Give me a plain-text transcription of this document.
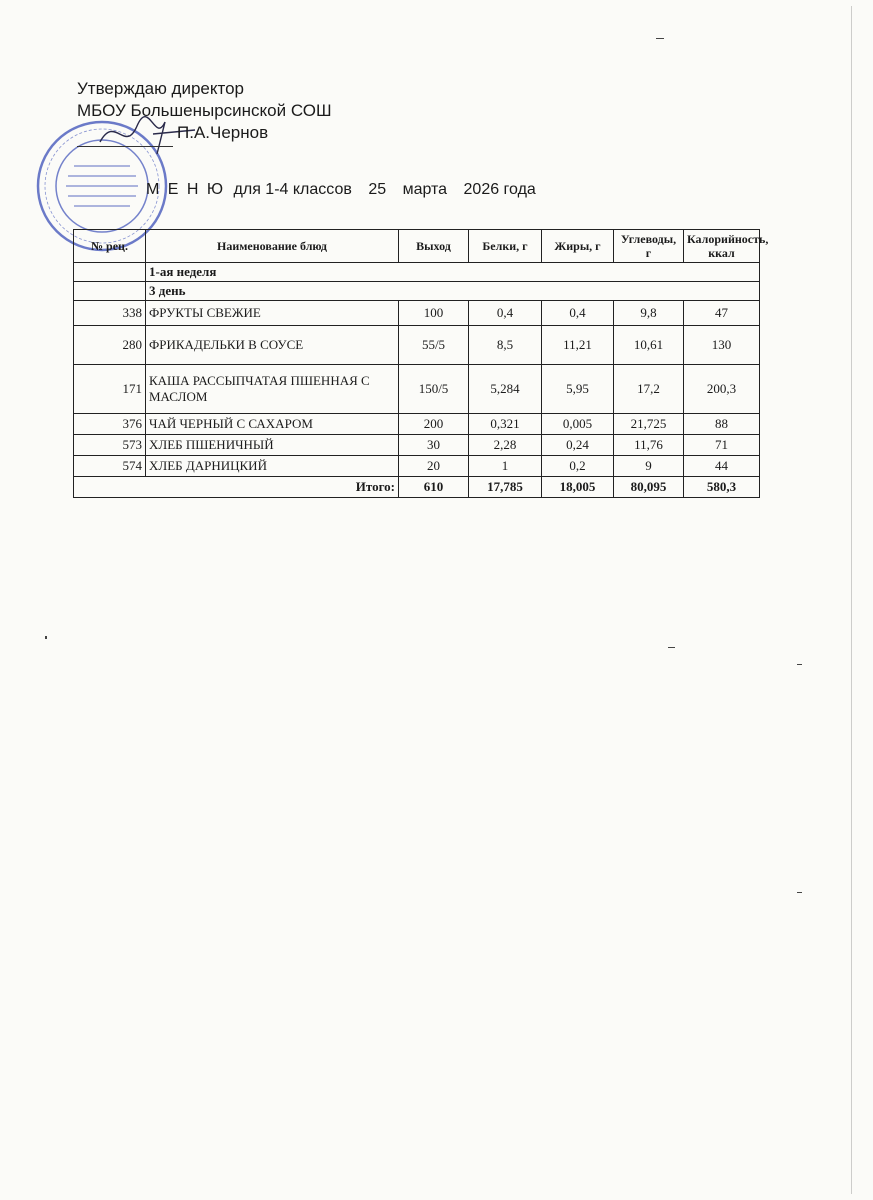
Утверждаю директор
МБОУ Большенырсинской СОШ
П.А.Чернов
М Е Н Ю для 1-4 классов 25 марта 2026 года
№ рец.	Наименование блюд	Выход	Белки, г	Жиры, г	Углеводы, г	Калорийность, ккал
	1-ая неделя					
	3 день					
338	ФРУКТЫ СВЕЖИЕ	100	0,4	0,4	9,8	47
280	ФРИКАДЕЛЬКИ В СОУСЕ	55/5	8,5	11,21	10,61	130
171	КАША РАССЫПЧАТАЯ ПШЕННАЯ С МАСЛОМ	150/5	5,284	5,95	17,2	200,3
376	ЧАЙ ЧЕРНЫЙ С САХАРОМ	200	0,321	0,005	21,725	88
573	ХЛЕБ ПШЕНИЧНЫЙ	30	2,28	0,24	11,76	71
574	ХЛЕБ ДАРНИЦКИЙ	20	1	0,2	9	44
Итого:		610	17,785	18,005	80,095	580,3
